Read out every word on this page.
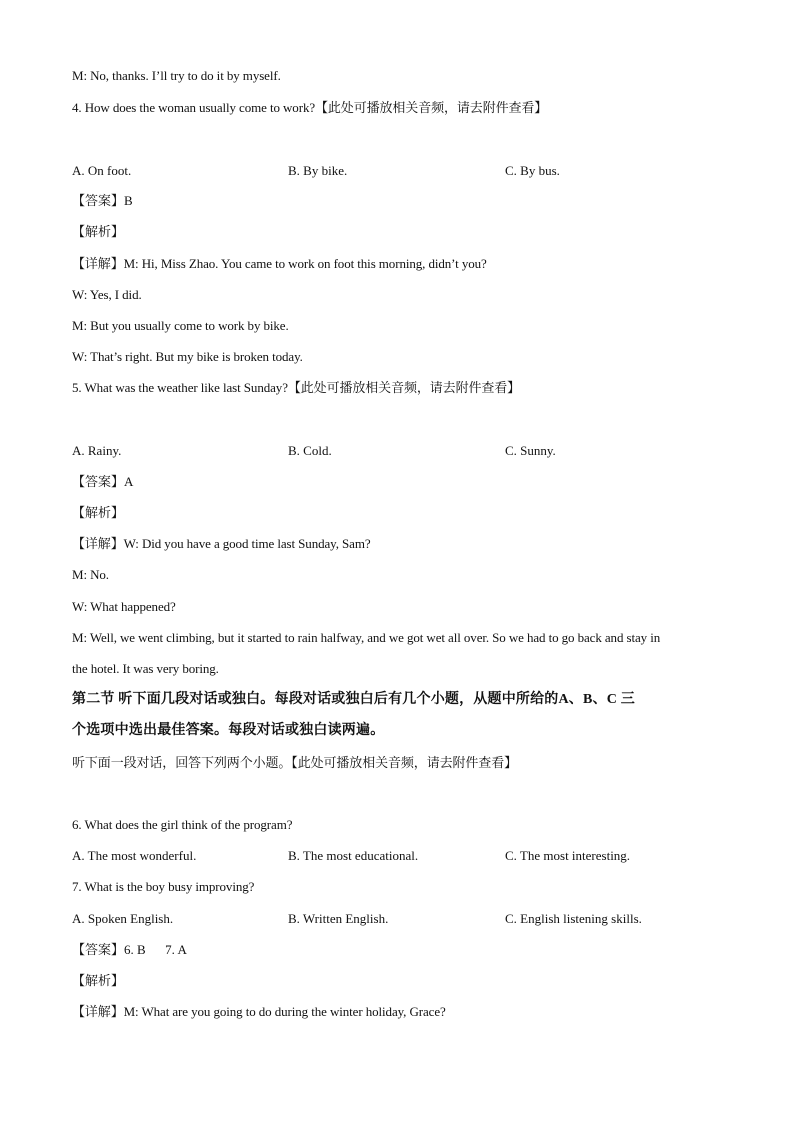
M: No, thanks. I’ll try to do it by myself.
4. How does the woman usually come to work?【此处可播放相关音频，请去附件查看】
A. On foot.	B. By bike.	C. By bus.
【答案】B
【解析】
【详解】M: Hi, Miss Zhao. You came to work on foot this morning, didn’t you?
W: Yes, I did.
M: But you usually come to work by bike.
W: That’s right. But my bike is broken today.
5. What was the weather like last Sunday?【此处可播放相关音频，请去附件查看】
A. Rainy.	B. Cold.	C. Sunny.
【答案】A
【解析】
【详解】W: Did you have a good time last Sunday, Sam?
M: No.
W: What happened?
M: Well, we went climbing, but it started to rain halfway, and we got wet all over. So we had to go back and stay in
the hotel. It was very boring.
第二节 听下面几段对话或独白。每段对话或独白后有几个小题，从题中所给的A、B、C 三
个选项中选出最佳答案。每段对话或独白读两遍。
听下面一段对话，回答下列两个小题。【此处可播放相关音频，请去附件查看】
6. What does the girl think of the program?
A. The most wonderful.	B. The most educational.	C. The most interesting.
7. What is the boy busy improving?
A. Spoken English.	B. Written English.	C. English listening skills.
【答案】6. B      7. A
【解析】
【详解】M: What are you going to do during the winter holiday, Grace?
